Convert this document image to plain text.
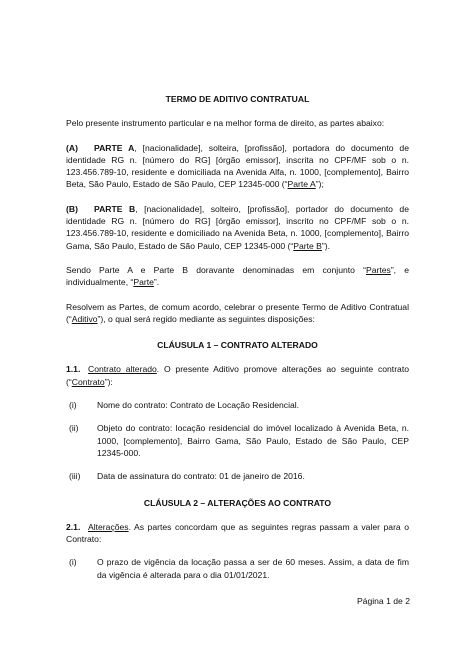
TERMO DE ADITIVO CONTRATUAL

Pelo presente instrumento particular e na melhor forma de direito, as partes abaixo:

(A) PARTE A, [nacionalidade], solteira, [profissão], portadora do documento de identidade RG n. [número do RG] [órgão emissor], inscrita no CPF/MF sob o n. 123.456.789-10, residente e domiciliada na Avenida Alfa, n. 1000, [complemento], Bairro Beta, São Paulo, Estado de São Paulo, CEP 12345-000 (“Parte A”);

(B) PARTE B, [nacionalidade], solteiro, [profissão], portador do documento de identidade RG n. [número do RG] [órgão emissor], inscrito no CPF/MF sob o n. 123.456.789-10, residente e domiciliado na Avenida Beta, n. 1000, [complemento], Bairro Gama, São Paulo, Estado de São Paulo, CEP 12345-000 (“Parte B”).

Sendo Parte A e Parte B doravante denominadas em conjunto “Partes”, e individualmente, “Parte”.

Resolvem as Partes, de comum acordo, celebrar o presente Termo de Aditivo Contratual (“Aditivo”), o qual será regido mediante as seguintes disposições:

CLÁUSULA 1 – CONTRATO ALTERADO

1.1. Contrato alterado. O presente Aditivo promove alterações ao seguinte contrato (“Contrato”):

(i)	Nome do contrato: Contrato de Locação Residencial.
(ii)	Objeto do contrato: locação residencial do imóvel localizado à Avenida Beta, n. 1000, [complemento], Bairro Gama, São Paulo, Estado de São Paulo, CEP 12345-000.
(iii)	Data de assinatura do contrato: 01 de janeiro de 2016.

CLÁUSULA 2 – ALTERAÇÕES AO CONTRATO

2.1. Alterações. As partes concordam que as seguintes regras passam a valer para o Contrato:

(i)	O prazo de vigência da locação passa a ser de 60 meses. Assim, a data de fim da vigência é alterada para o dia 01/01/2021.
Página 1 de 2
